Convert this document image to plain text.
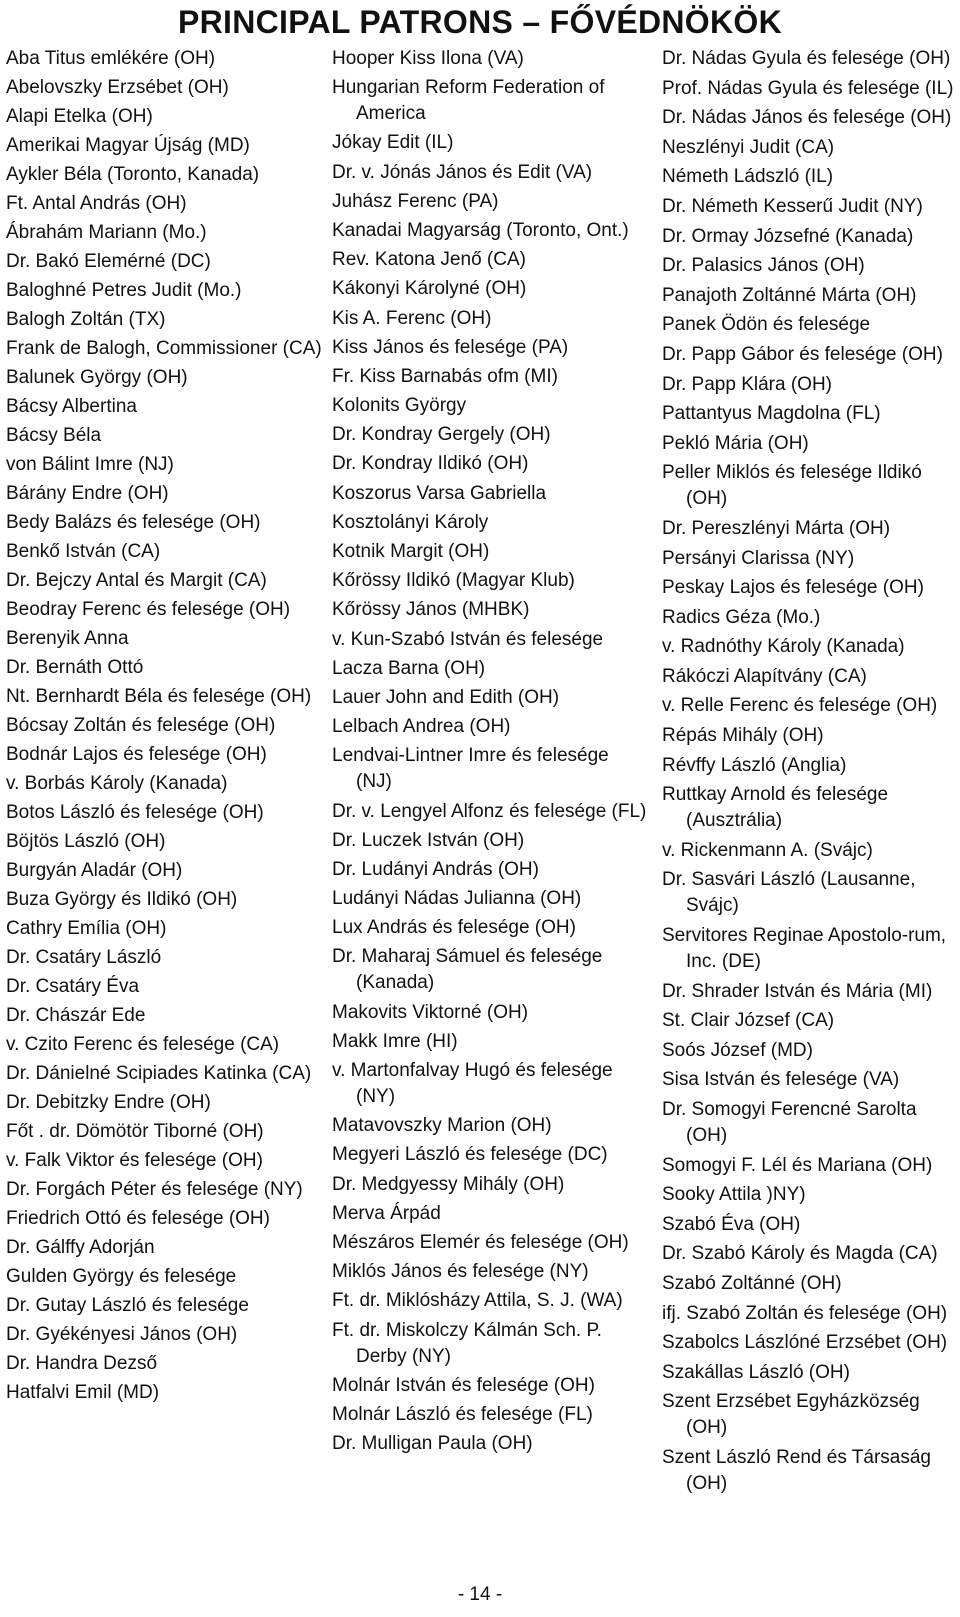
PRINCIPAL PATRONS – FŐVÉDNÖKÖK
Aba Titus emlékére (OH)
Abelovszky Erzsébet (OH)
Alapi Etelka (OH)
Amerikai Magyar Újság (MD)
Aykler Béla (Toronto, Kanada)
Ft. Antal András (OH)
Ábrahám Mariann (Mo.)
Dr. Bakó Elemérné (DC)
Baloghné Petres Judit (Mo.)
Balogh Zoltán (TX)
Frank de Balogh, Commissioner (CA)
Balunek György (OH)
Bácsy Albertina
Bácsy Béla
von Bálint Imre (NJ)
Bárány Endre (OH)
Bedy Balázs és felesége (OH)
Benkő István (CA)
Dr. Bejczy Antal és Margit (CA)
Beodray Ferenc és felesége (OH)
Berenyik Anna
Dr. Bernáth Ottó
Nt. Bernhardt Béla és felesége (OH)
Bócsay Zoltán és felesége (OH)
Bodnár Lajos és felesége (OH)
v. Borbás Károly (Kanada)
Botos László és felesége (OH)
Böjtös László (OH)
Burgyán Aladár (OH)
Buza György és Ildikó (OH)
Cathry Emília (OH)
Dr. Csatáry László
Dr. Csatáry Éva
Dr. Chászár Ede
v. Czito Ferenc és felesége (CA)
Dr. Dánielné Scipiades Katinka (CA)
Dr. Debitzky Endre (OH)
Főt . dr. Dömötör Tiborné (OH)
v. Falk Viktor és felesége (OH)
Dr. Forgách Péter és felesége (NY)
Friedrich Ottó és felesége (OH)
Dr. Gálffy Adorján
Gulden György és felesége
Dr. Gutay László és felesége
Dr. Gyékényesi János (OH)
Dr. Handra Dezső
Hatfalvi Emil (MD)
Hooper Kiss Ilona (VA)
Hungarian Reform Federation of America
Jókay Edit (IL)
Dr. v. Jónás János és Edit (VA)
Juhász Ferenc (PA)
Kanadai Magyarság (Toronto, Ont.)
Rev. Katona Jenő (CA)
Kákonyi Károlyné (OH)
Kis A. Ferenc (OH)
Kiss János és felesége (PA)
Fr. Kiss Barnabás ofm (MI)
Kolonits György
Dr. Kondray Gergely (OH)
Dr. Kondray Ildikó (OH)
Koszorus Varsa Gabriella
Kosztolányi Károly
Kotnik Margit (OH)
Kőrössy Ildikó (Magyar Klub)
Kőrössy János (MHBK)
v. Kun-Szabó István és felesége
Lacza Barna (OH)
Lauer John and Edith (OH)
Lelbach Andrea (OH)
Lendvai-Lintner Imre és felesége (NJ)
Dr. v. Lengyel Alfonz és felesége (FL)
Dr. Luczek István (OH)
Dr. Ludányi András (OH)
Ludányi Nádas Julianna (OH)
Lux András és felesége (OH)
Dr. Maharaj Sámuel és felesége (Kanada)
Makovits Viktorné (OH)
Makk Imre (HI)
v. Martonfalvay Hugó és felesége (NY)
Matavovszky Marion (OH)
Megyeri László és felesége (DC)
Dr. Medgyessy Mihály (OH)
Merva Árpád
Mészáros Elemér és felesége (OH)
Miklós János és felesége (NY)
Ft. dr. Miklósházy Attila, S. J. (WA)
Ft. dr. Miskolczy Kálmán Sch. P. Derby (NY)
Molnár István és felesége (OH)
Molnár László és felesége (FL)
Dr. Mulligan Paula (OH)
Dr. Nádas Gyula és felesége (OH)
Prof. Nádas Gyula és felesége (IL)
Dr. Nádas János és felesége (OH)
Neszlényi Judit (CA)
Németh Ládszló (IL)
Dr. Németh Kesserű Judit (NY)
Dr. Ormay Józsefné (Kanada)
Dr. Palasics János (OH)
Panajoth Zoltánné Márta (OH)
Panek Ödön és felesége
Dr. Papp Gábor és felesége (OH)
Dr. Papp Klára (OH)
Pattantyus Magdolna (FL)
Pekló Mária (OH)
Peller Miklós és felesége Ildikó (OH)
Dr. Pereszlényi Márta (OH)
Persányi Clarissa (NY)
Peskay Lajos és felesége (OH)
Radics Géza (Mo.)
v. Radnóthy Károly (Kanada)
Rákóczi Alapítvány (CA)
v. Relle Ferenc és felesége (OH)
Répás Mihály (OH)
Révffy László (Anglia)
Ruttkay Arnold és felesége (Ausztrália)
v. Rickenmann A. (Svájc)
Dr. Sasvári László (Lausanne, Svájc)
Servitores Reginae Apostolo-rum, Inc. (DE)
Dr. Shrader István és Mária (MI)
St. Clair József (CA)
Soós József (MD)
Sisa István és felesége (VA)
Dr. Somogyi Ferencné Sarolta (OH)
Somogyi F. Lél és Mariana (OH)
Sooky Attila )NY)
Szabó Éva (OH)
Dr. Szabó Károly és Magda (CA)
Szabó Zoltánné (OH)
ifj. Szabó Zoltán és felesége (OH)
Szabolcs Lászlóné Erzsébet (OH)
Szakállas László (OH)
Szent Erzsébet Egyházközség (OH)
Szent László Rend és Társaság (OH)
- 14 -
